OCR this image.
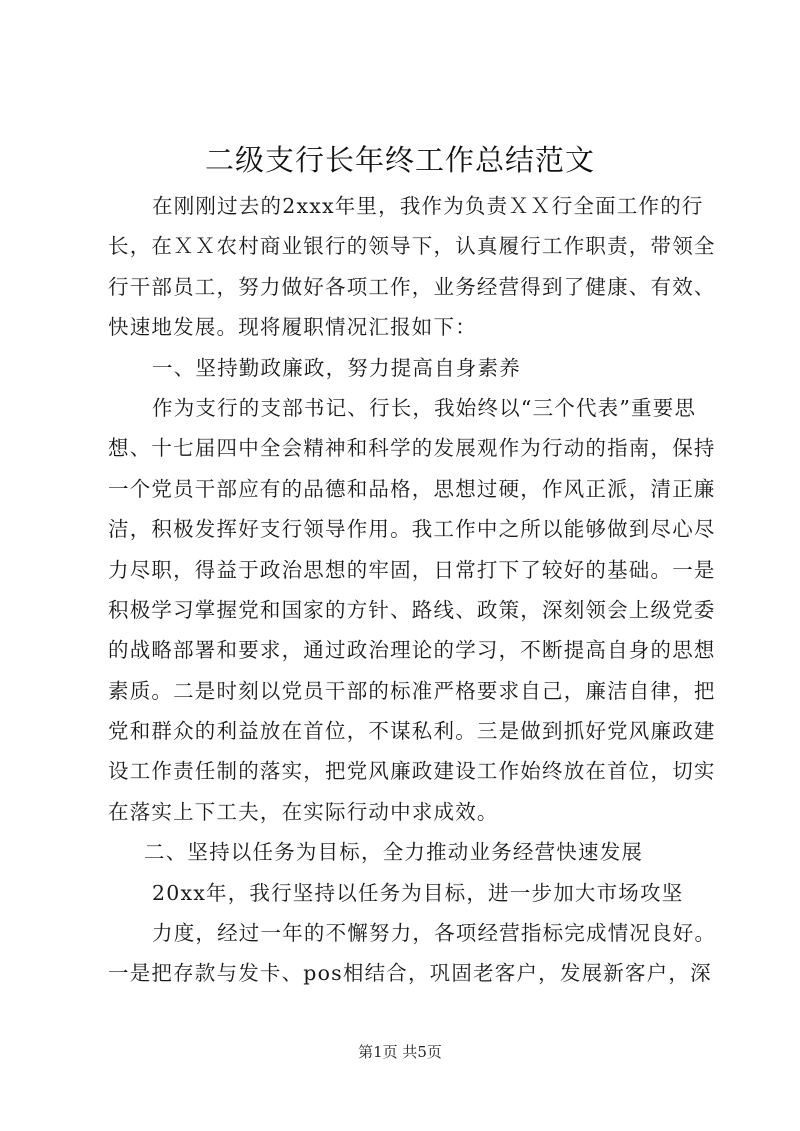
二级支行长年终工作总结范文
在刚刚过去的2xxx年里，我作为负责ＸＸ行全面工作的行
长，在ＸＸ农村商业银行的领导下，认真履行工作职责，带领全
行干部员工，努力做好各项工作，业务经营得到了健康、有效、
快速地发展。现将履职情况汇报如下：
一、坚持勤政廉政，努力提高自身素养
作为支行的支部书记、行长，我始终以“三个代表”重要思
想、十七届四中全会精神和科学的发展观作为行动的指南，保持
一个党员干部应有的品德和品格，思想过硬，作风正派，清正廉
洁，积极发挥好支行领导作用。我工作中之所以能够做到尽心尽
力尽职，得益于政治思想的牢固，日常打下了较好的基础。一是
积极学习掌握党和国家的方针、路线、政策，深刻领会上级党委
的战略部署和要求，通过政治理论的学习，不断提高自身的思想
素质。二是时刻以党员干部的标准严格要求自己，廉洁自律，把
党和群众的利益放在首位，不谋私利。三是做到抓好党风廉政建
设工作责任制的落实，把党风廉政建设工作始终放在首位，切实
在落实上下工夫，在实际行动中求成效。
二、坚持以任务为目标，全力推动业务经营快速发展
20xx年，我行坚持以任务为目标，进一步加大市场攻坚
力度，经过一年的不懈努力，各项经营指标完成情况良好。
一是把存款与发卡、pos相结合，巩固老客户，发展新客户，深
第1页 共5页
